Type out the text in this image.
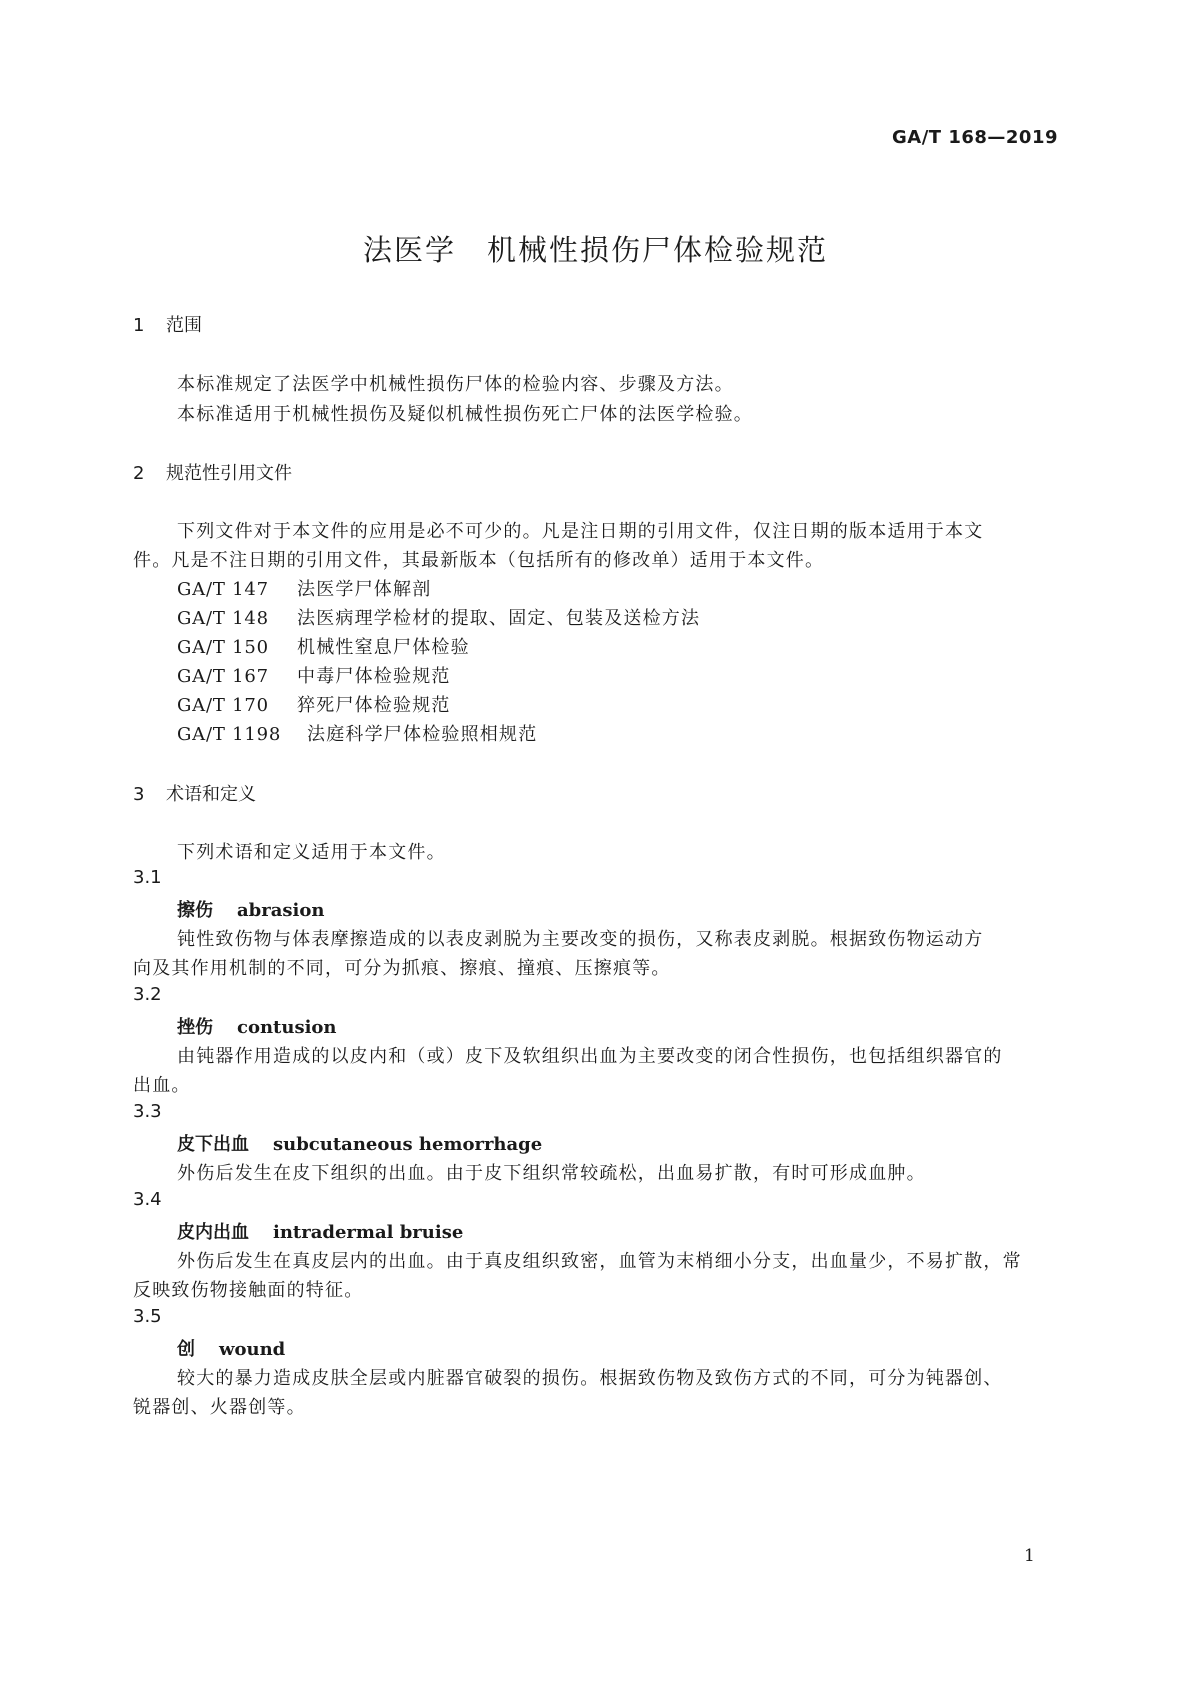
GA/T 168—2019
法医学　机械性损伤尸体检验规范
1 范围
本标准规定了法医学中机械性损伤尸体的检验内容、步骤及方法。
本标准适用于机械性损伤及疑似机械性损伤死亡尸体的法医学检验。
2 规范性引用文件
下列文件对于本文件的应用是必不可少的。凡是注日期的引用文件，仅注日期的版本适用于本文
件。凡是不注日期的引用文件，其最新版本（包括所有的修改单）适用于本文件。
GA/T 147 法医学尸体解剖
GA/T 148 法医病理学检材的提取、固定、包装及送检方法
GA/T 150 机械性窒息尸体检验
GA/T 167 中毒尸体检验规范
GA/T 170 猝死尸体检验规范
GA/T 1198 法庭科学尸体检验照相规范
3 术语和定义
下列术语和定义适用于本文件。
3.1
擦伤 abrasion
钝性致伤物与体表摩擦造成的以表皮剥脱为主要改变的损伤，又称表皮剥脱。根据致伤物运动方
向及其作用机制的不同，可分为抓痕、擦痕、撞痕、压擦痕等。
3.2
挫伤 contusion
由钝器作用造成的以皮内和（或）皮下及软组织出血为主要改变的闭合性损伤，也包括组织器官的
出血。
3.3
皮下出血 subcutaneous hemorrhage
外伤后发生在皮下组织的出血。由于皮下组织常较疏松，出血易扩散，有时可形成血肿。
3.4
皮内出血 intradermal bruise
外伤后发生在真皮层内的出血。由于真皮组织致密，血管为末梢细小分支，出血量少，不易扩散，常
反映致伤物接触面的特征。
3.5
创 wound
较大的暴力造成皮肤全层或内脏器官破裂的损伤。根据致伤物及致伤方式的不同，可分为钝器创、
锐器创、火器创等。
1
